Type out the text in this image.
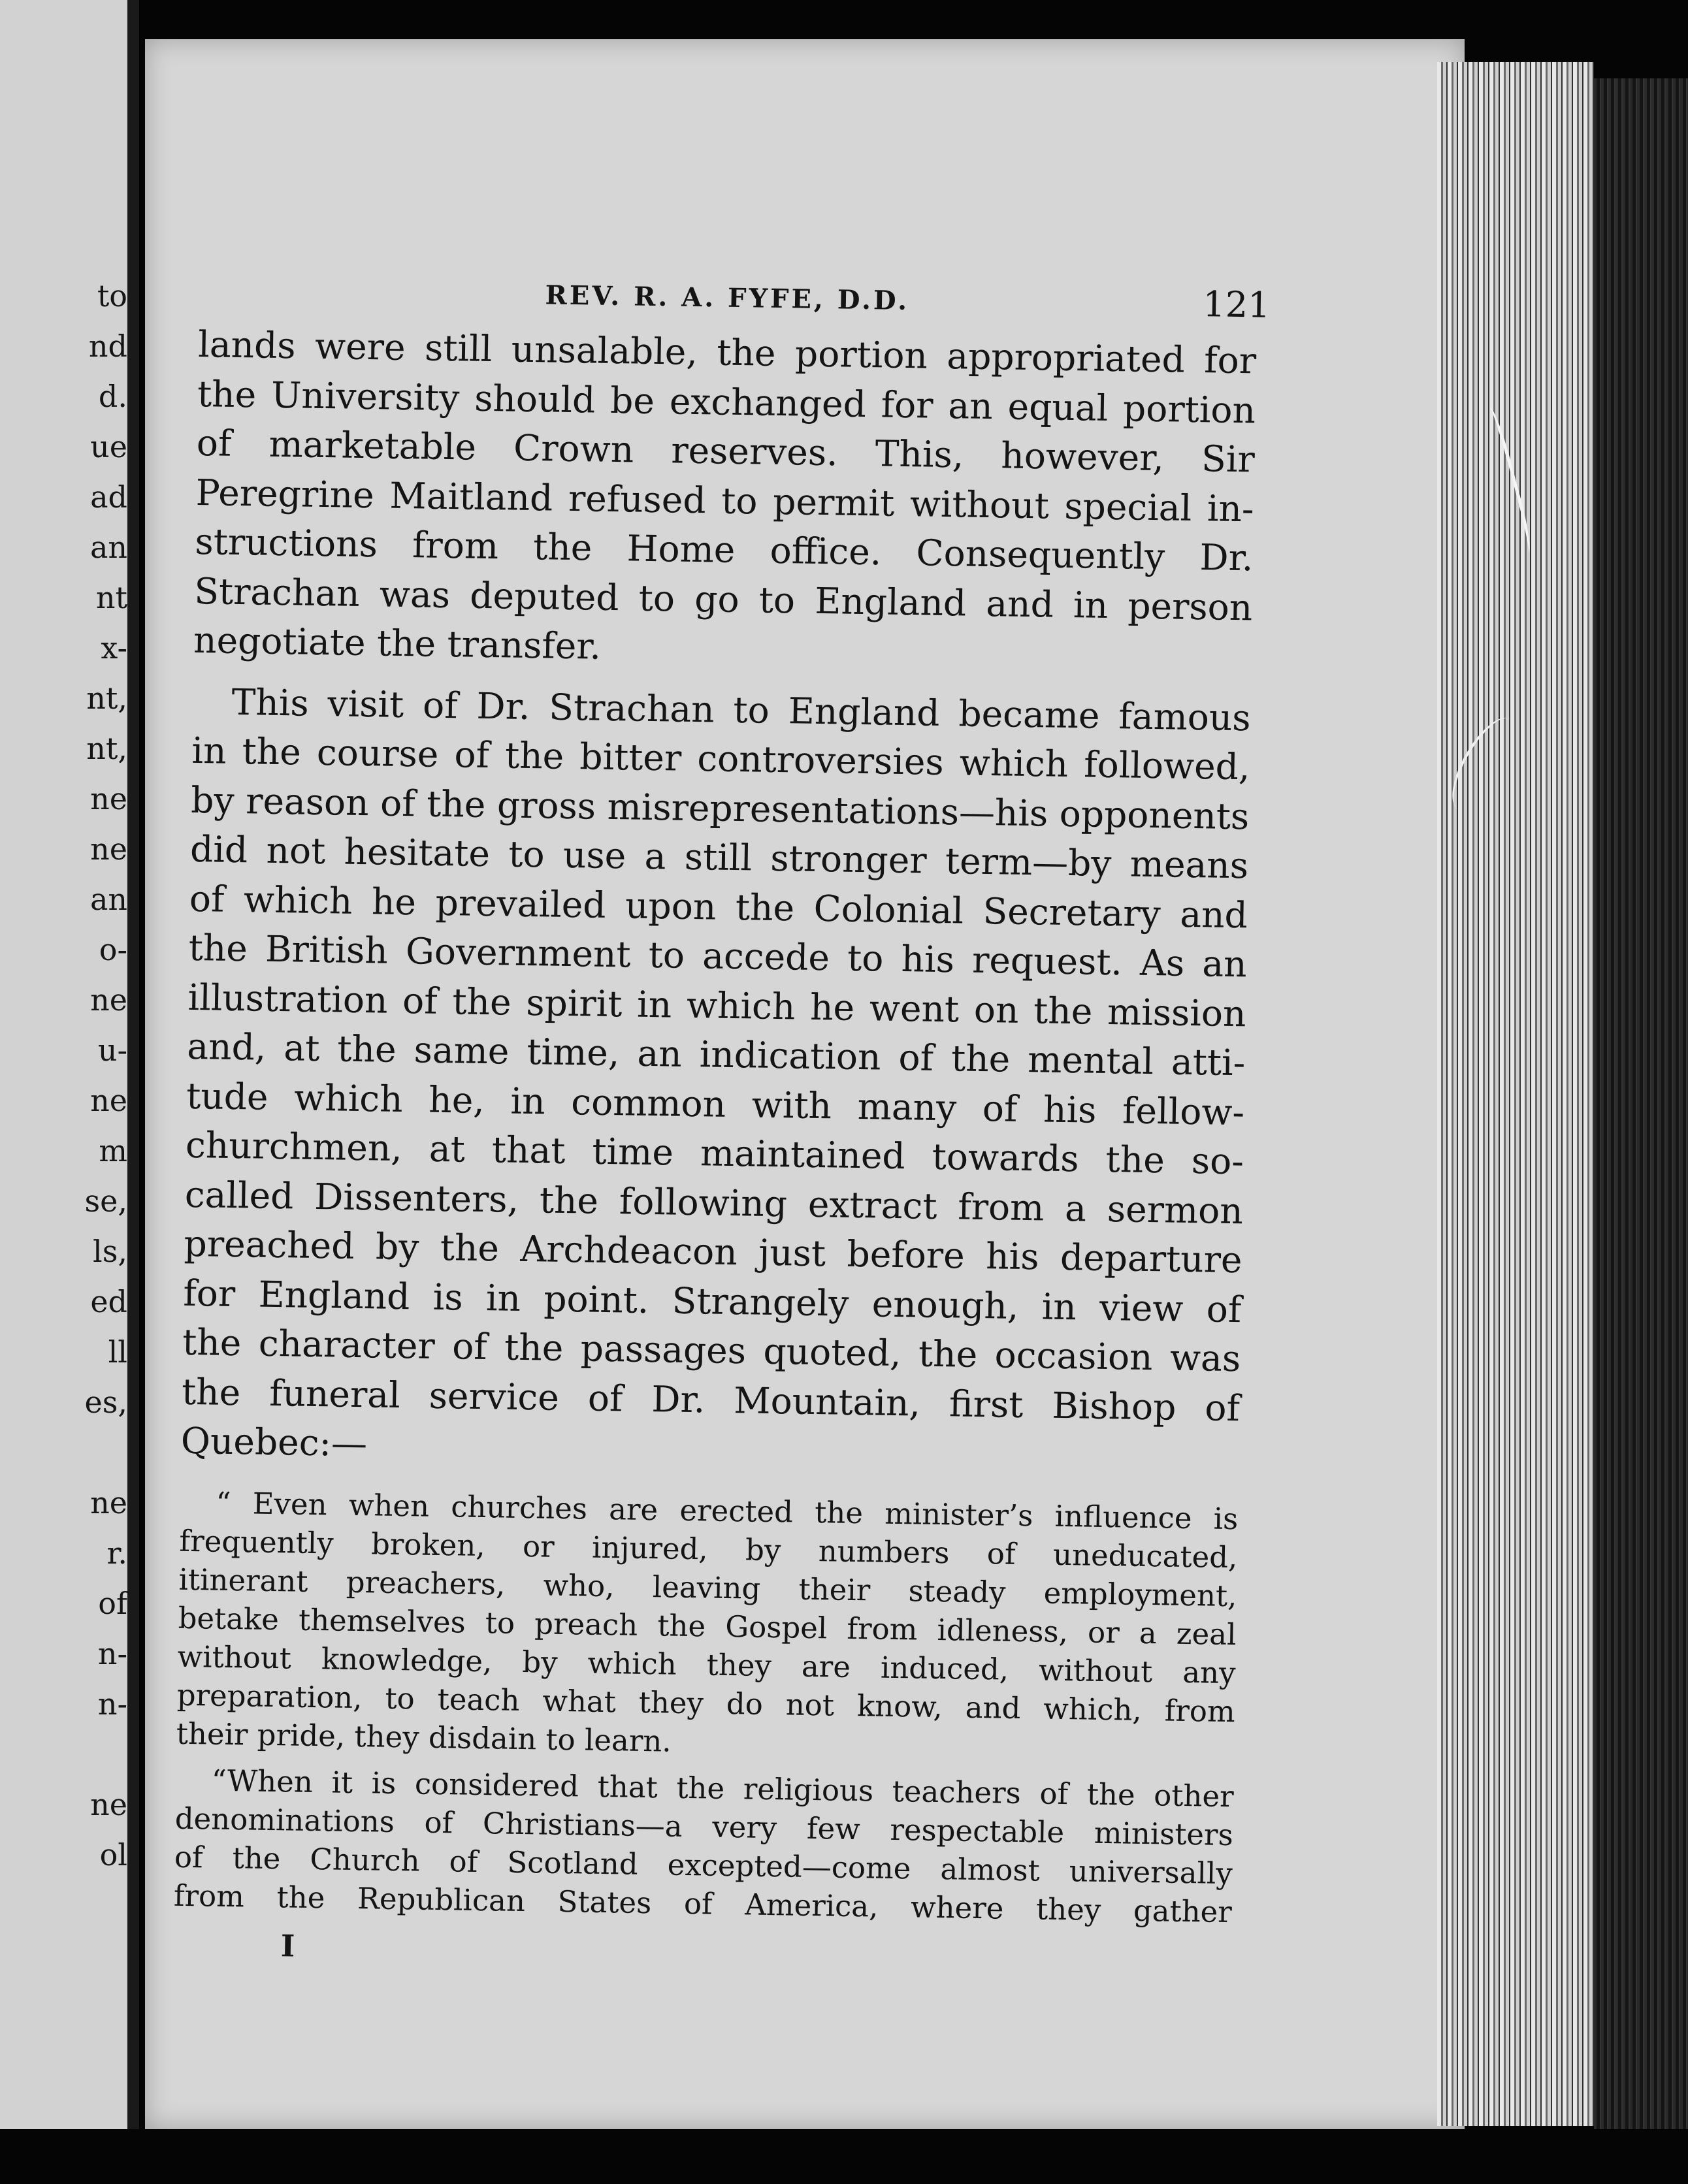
to
nd
d.
ue
ad
an
nt
x-
nt,
nt,
ne
ne
an
o-
ne
u-
ne
m
se,
ls,
ed
ll
es,
ne
r.
of
n-
n-
ne
ol
REV. R. A. FYFE, D.D.	121

lands were still unsalable, the portion appropriated for
the University should be exchanged for an equal portion
of marketable Crown reserves. This, however, Sir
Peregrine Maitland refused to permit without special in-
structions from the Home office. Consequently Dr.
Strachan was deputed to go to England and in person
negotiate the transfer.

This visit of Dr. Strachan to England became famous
in the course of the bitter controversies which followed,
by reason of the gross misrepresentations—his opponents
did not hesitate to use a still stronger term—by means
of which he prevailed upon the Colonial Secretary and
the British Government to accede to his request. As an
illustration of the spirit in which he went on the mission
and, at the same time, an indication of the mental atti-
tude which he, in common with many of his fellow-
churchmen, at that time maintained towards the so-
called Dissenters, the following extract from a sermon
preached by the Archdeacon just before his departure
for England is in point. Strangely enough, in view of
the character of the passages quoted, the occasion was
the funeral service of Dr. Mountain, first Bishop of
Quebec:—

“ Even when churches are erected the minister’s influence is
frequently broken, or injured, by numbers of uneducated,
itinerant preachers, who, leaving their steady employment,
betake themselves to preach the Gospel from idleness, or a zeal
without knowledge, by which they are induced, without any
preparation, to teach what they do not know, and which, from
their pride, they disdain to learn.

“When it is considered that the religious teachers of the other
denominations of Christians—a very few respectable ministers
of the Church of Scotland excepted—come almost universally
from the Republican States of America, where they gather

I
